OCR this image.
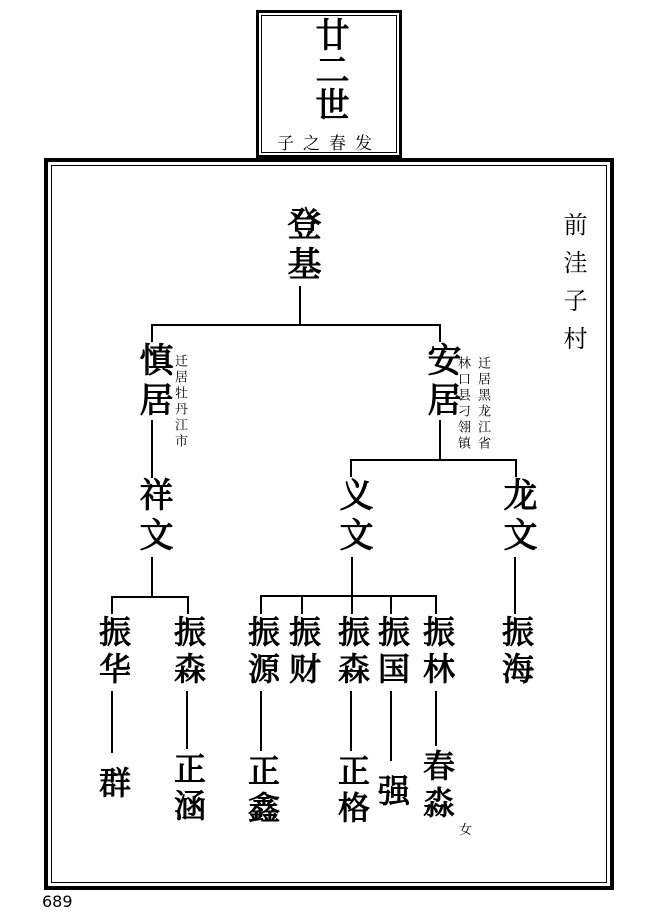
廿二世
子之春发
前洼子村
登基
慎居 迁居牡丹江市	安居 迁居黑龙江省
林口县刁翎镇
祥文	义文	龙文
振华 振森 振源 振财 振森 振国 振林 振海
群 正涵 正鑫 正格 强 春淼
女
689
